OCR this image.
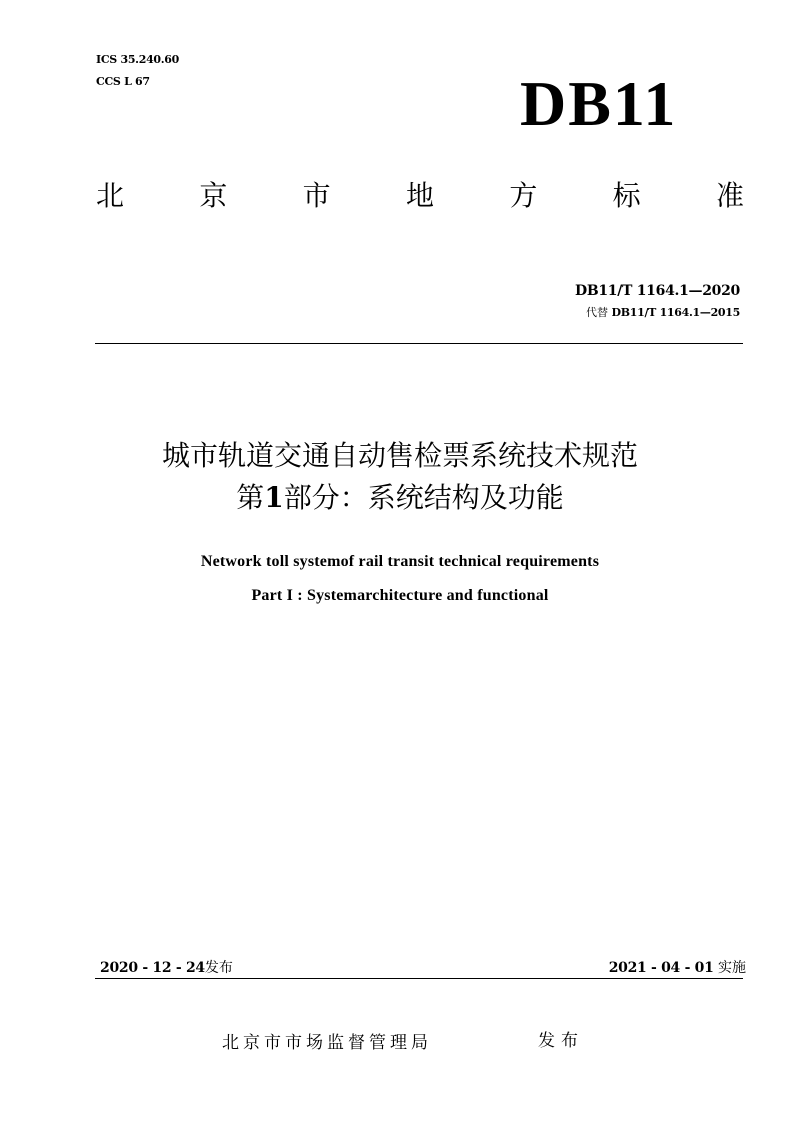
ICS 35.240.60
CCS L 67	DB11
北	京	市	地	方	标	准
DB11/T 1164.1—2020
代替 DB11/T 1164.1—2015
城市轨道交通自动售检票系统技术规范
第1部分：系统结构及功能
Network toll systemof rail transit technical requirements
Part I : Systemarchitecture and functional
2020 - 12 - 24发布	2021 - 04 - 01 实施
北京市市场监督管理局	发布
